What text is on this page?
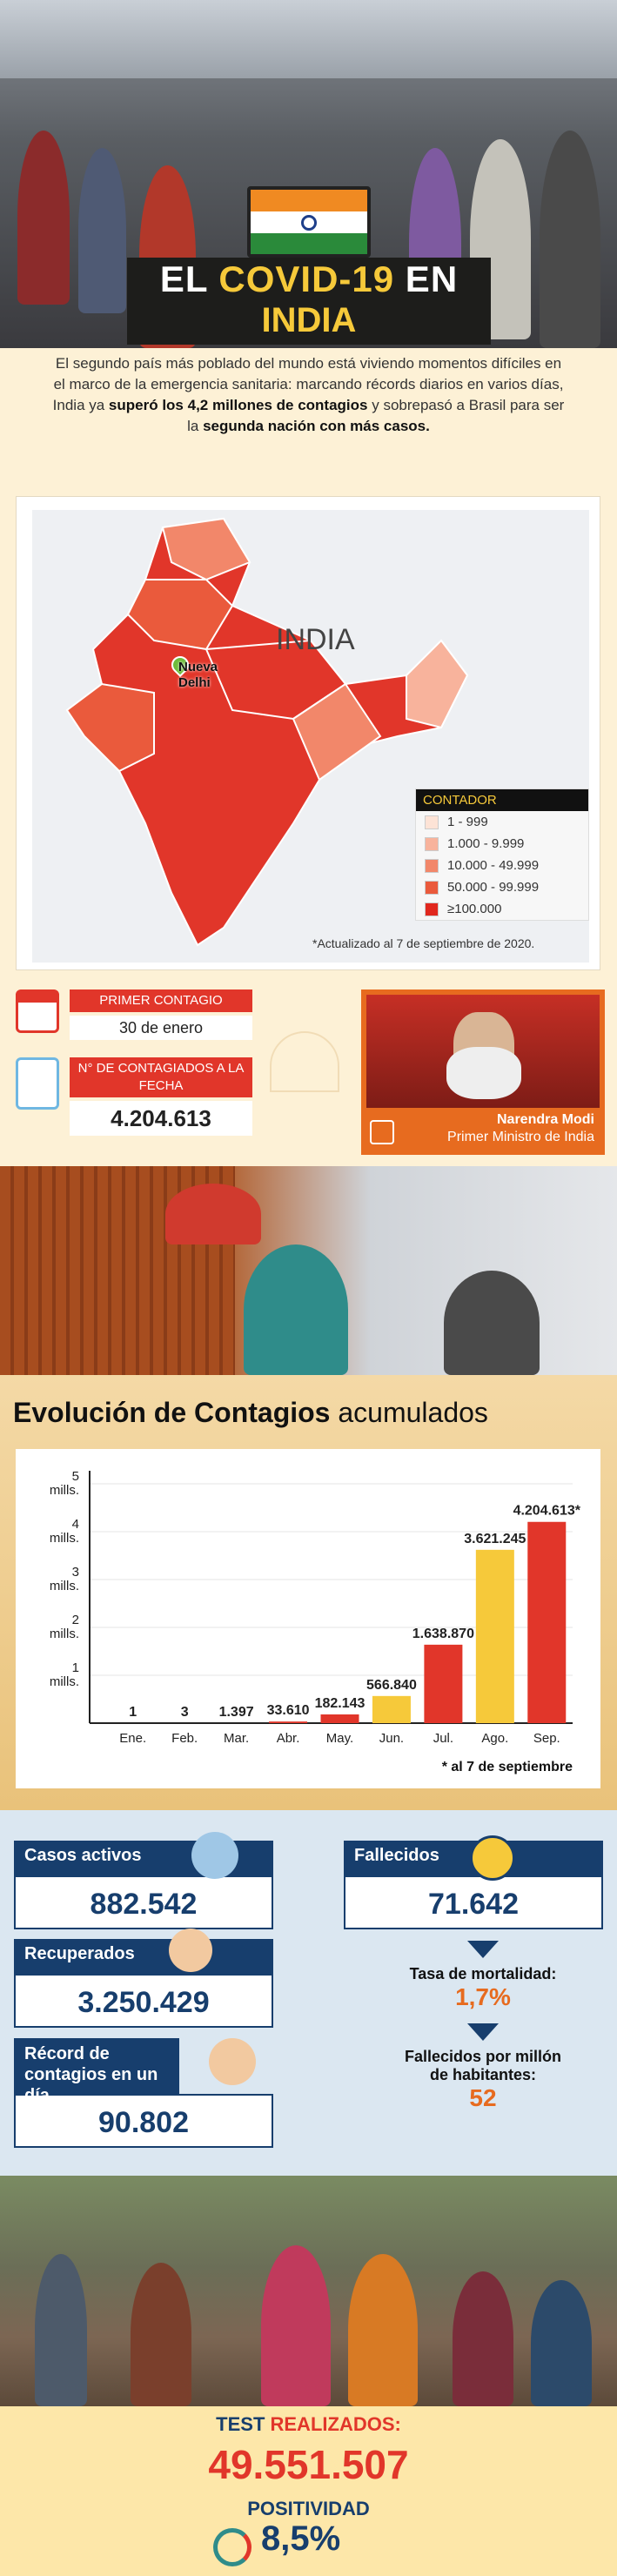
EL COVID-19 EN
INDIA
El segundo país más poblado del mundo está viviendo momentos difíciles en el marco de la emergencia sanitaria: marcando récords diarios en varios días, India ya superó los 4,2 millones de contagios y sobrepasó a Brasil para ser la segunda nación con más casos.
INDIA
Nueva Delhi
CONTADOR
1 - 999
1.000 - 9.999
10.000 - 49.999
50.000 - 99.999
≥100.000
*Actualizado al 7 de septiembre de 2020.
PRIMER CONTAGIO
30 de enero
N° DE CONTAGIADOS A LA FECHA
4.204.613	Narendra Modi
Primer Ministro de India
Evolución de Contagios acumulados
1 mills.
2 mills.
3 mills.
4 mills.
5 mills.
1
Ene.
3
Feb.
1.397
Mar.
33.610
Abr.
182.143
May.
566.840
Jun.
1.638.870
Jul.
3.621.245
Ago.
4.204.613*
Sep.
* al 7 de septiembre
Casos activos
882.542
Recuperados
3.250.429
Récord de contagios en un día
90.802
Fallecidos
71.642
Tasa de mortalidad:
1,7%
Fallecidos por millón de habitantes:
52
TEST REALIZADOS:
49.551.507
POSITIVIDAD
8,5%
